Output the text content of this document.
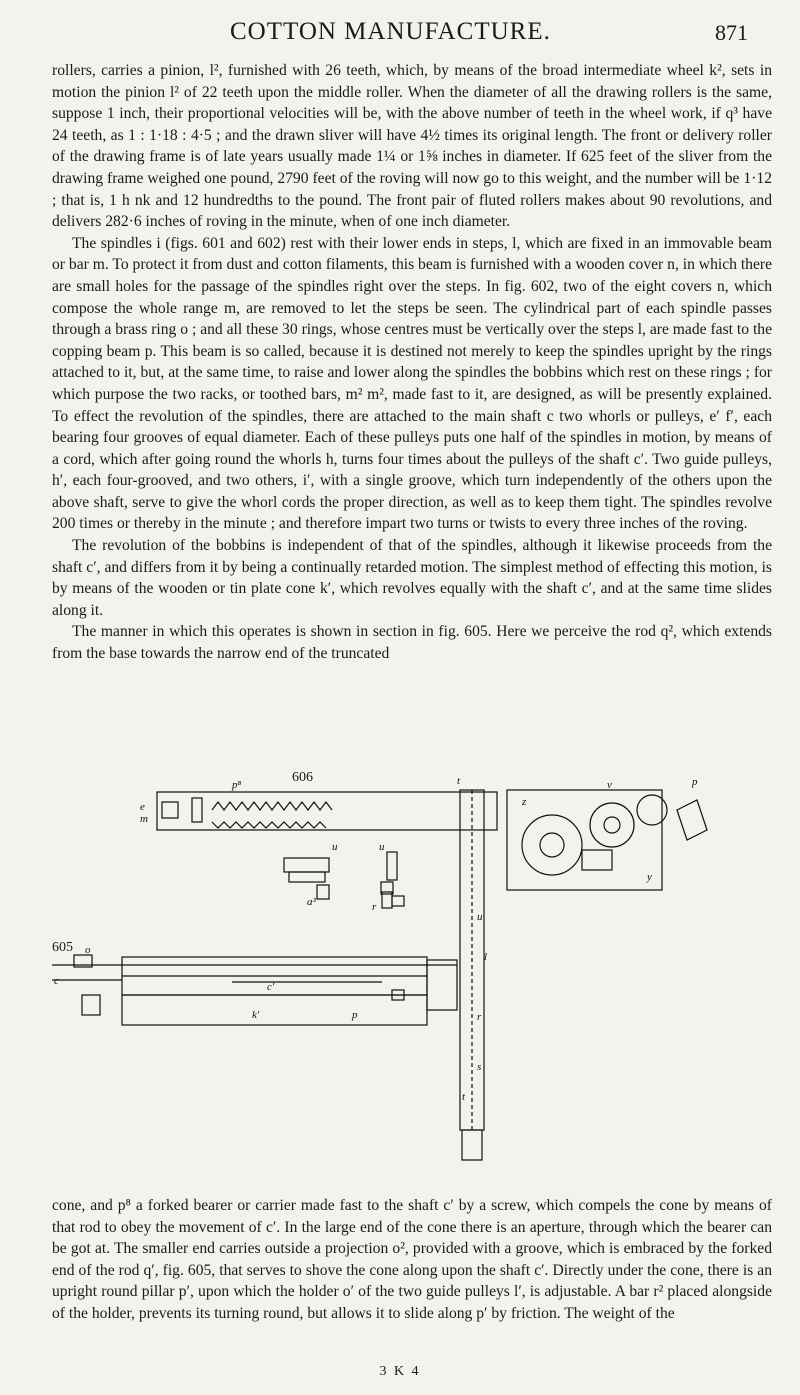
COTTON MANUFACTURE.	871

rollers, carries a pinion, l², furnished with 26 teeth, which, by means of the broad intermediate wheel k², sets in motion the pinion l² of 22 teeth upon the middle roller. When the diameter of all the drawing rollers is the same, suppose 1 inch, their proportional velocities will be, with the above number of teeth in the wheel work, if q³ have 24 teeth, as 1 : 1·18 : 4·5 ; and the drawn sliver will have 4½ times its original length. The front or delivery roller of the drawing frame is of late years usually made 1¼ or 1⅝ inches in diameter. If 625 feet of the sliver from the drawing frame weighed one pound, 2790 feet of the roving will now go to this weight, and the number will be 1·12 ; that is, 1 h nk and 12 hundredths to the pound. The front pair of fluted rollers makes about 90 revolutions, and delivers 282·6 inches of roving in the minute, when of one inch diameter.

The spindles i (figs. 601 and 602) rest with their lower ends in steps, l, which are fixed in an immovable beam or bar m. To protect it from dust and cotton filaments, this beam is furnished with a wooden cover n, in which there are small holes for the passage of the spindles right over the steps. In fig. 602, two of the eight covers n, which compose the whole range m, are removed to let the steps be seen. The cylindrical part of each spindle passes through a brass ring o ; and all these 30 rings, whose centres must be vertically over the steps l, are made fast to the copping beam p. This beam is so called, because it is destined not merely to keep the spindles upright by the rings attached to it, but, at the same time, to raise and lower along the spindles the bobbins which rest on these rings ; for which purpose the two racks, or toothed bars, m² m², made fast to it, are designed, as will be presently explained. To effect the revolution of the spindles, there are attached to the main shaft c two whorls or pulleys, e′ f′, each bearing four grooves of equal diameter. Each of these pulleys puts one half of the spindles in motion, by means of a cord, which after going round the whorls h, turns four times about the pulleys of the shaft c′. Two guide pulleys, h′, each four-grooved, and two others, i′, with a single groove, which turn independently of the others upon the above shaft, serve to give the whorl cords the proper direction, as well as to keep them tight. The spindles revolve 200 times or thereby in the minute ; and therefore impart two turns or twists to every three inches of the roving.

The revolution of the bobbins is independent of that of the spindles, although it likewise proceeds from the shaft c′, and differs from it by being a continually retarded motion. The simplest method of effecting this motion, is by means of the wooden or tin plate cone k′, which revolves equally with the shaft c′, and at the same time slides along it.

The manner in which this operates is shown in section in fig. 605. Here we perceive the rod q², which extends from the base towards the narrow end of the truncated

606
605
p⁸
u	u
a³	r
t
z
v	p
y
u
l
r
s
t
e
m
o
c	c′
k′	p

cone, and p⁸ a forked bearer or carrier made fast to the shaft c′ by a screw, which compels the cone by means of that rod to obey the movement of c′. In the large end of the cone there is an aperture, through which the bearer can be got at. The smaller end carries outside a projection o², provided with a groove, which is embraced by the forked end of the rod q′, fig. 605, that serves to shove the cone along upon the shaft c′. Directly under the cone, there is an upright round pillar p′, upon which the holder o′ of the two guide pulleys l′, is adjustable. A bar r² placed alongside of the holder, prevents its turning round, but allows it to slide along p′ by friction. The weight of the

3 K 4
